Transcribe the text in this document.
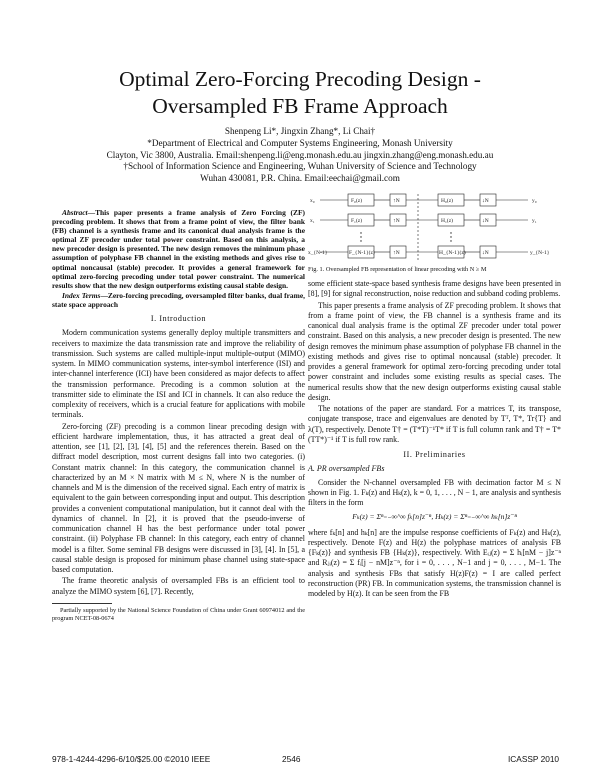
Optimal Zero-Forcing Precoding Design -
Oversampled FB Frame Approach
Shenpeng Li*, Jingxin Zhang*, Li Chai†
*Department of Electrical and Computer Systems Engineering, Monash University
Clayton, Vic 3800, Australia. Email:shenpeng.li@eng.monash.edu.au jingxin.zhang@eng.monash.edu.au
†School of Information Science and Engineering, Wuhan University of Science and Technology
Wuhan 430081, P.R. China. Email:eechai@gmail.com

Abstract—This paper presents a frame analysis of Zero Forcing (ZF) precoding problem. It shows that from a frame point of view, the filter bank (FB) channel is a synthesis frame and its canonical dual analysis frame is the optimal ZF precoder under total power constraint. Based on this analysis, a new precoder design is presented. The new design removes the minimum phase assumption of polyphase FB channel in the existing methods and gives rise to optimal noncausal (stable) precoder. It provides a general framework for optimal zero-forcing precoding under total power constraint. The numerical results show that the new design outperforms existing causal stable design.

Index Terms—Zero-forcing precoding, oversampled filter banks, dual frame, state space approach

I. Introduction

Modern communication systems generally deploy multiple transmitters and receivers to maximize the data transmission rate and improve the reliability of transmission. Such systems are called multiple-input multiple-output (MIMO) system. In MIMO communication systems, inter-symbol interference (ISI) and inter-channel interference (ICI) have been considered as major defects to affect the transmission performance. Precoding is a common solution at the transmitter side to eliminate the ISI and ICI in channels. It can also reduce the complexity of receivers, which is a crucial feature for applications with mobile terminals.

Zero-forcing (ZF) precoding is a common linear precoding design with efficient hardware implementation, thus, it has attracted a great deal of attention, see [1], [2], [3], [4], [5] and the references therein. Based on the diffract model description, most current designs fall into two categories. (i) Constant matrix channel: In this category, the communication channel is characterized by an M × N matrix with M ≤ N, where N is the number of channels and M is the dimension of the received signal. Each entry of matrix is equivalent to the gain between corresponding input and output. This description provides a convenient computational manipulation, but it cannot deal with the dynamics of channel. In [2], it is proved that the pseudo-inverse of communication channel H has the best performance under total power constraint. (ii) Polyphase FB channel: In this category, each entry of channel model is a filter. Some seminal FB designs were discussed in [3], [4]. In [5], a causal stable design is proposed for minimum phase channel using state-space based computation.

The frame theoretic analysis of oversampled FBs is an efficient tool to analyze the MIMO system [6], [7]. Recently,

Partially supported by the National Science Foundation of China under Grant 60974012 and the program NCET-08-0674

x₀
x₁
x_{N-1}
F₀(z)
F₁(z)
F_{N-1}(z)
↑N
↑N
↑N
H₀(z)
H₁(z)
H_{N-1}(z)
↓N
↓N
↓N
y₀
y₁
y_{N-1}

Fig. 1. Oversampled FB representation of linear precoding with N ≥ M

some efficient state-space based synthesis frame designs have been presented in [8], [9] for signal reconstruction, noise reduction and subband coding problems.

This paper presents a frame analysis of ZF precoding problem. It shows that from a frame point of view, the FB channel is a synthesis frame and its canonical dual analysis frame is the optimal ZF precoder under total power constraint. Based on this analysis, a new precoder design is presented. The new design removes the minimum phase assumption of polyphase FB channel in the existing methods and gives rise to optimal noncausal (stable) precoder. It provides a general framework for optimal zero-forcing precoding under total power constraint and includes some existing results as special cases. The numerical results show that the new design outperforms existing causal stable design.

The notations of the paper are standard. For a matrices T, its transpose, conjugate transpose, trace and eigenvalues are denoted by Tᵀ, T*, Tr{T} and λ(T), respectively. Denote T† = (T*T)⁻¹T* if T is full column rank and T† = T*(TT*)⁻¹ if T is full row rank.

II. Preliminaries
A. PR oversampled FBs

Consider the N-channel oversampled FB with decimation factor M ≤ N shown in Fig. 1. Fₖ(z) and Hₖ(z), k = 0, 1, . . . , N − 1, are analysis and synthesis filters in the form

Fₖ(z) = Σⁿ₌₋∞^∞ fₖ[n]z⁻ⁿ, Hₖ(z) = Σⁿ₌₋∞^∞ hₖ[n]z⁻ⁿ

where fₖ[n] and hₖ[n] are the impulse response coefficients of Fₖ(z) and Hₖ(z), respectively. Denote F(z) and H(z) the polyphase matrices of analysis FB {Fₖ(z)} and synthesis FB {Hₖ(z)}, respectively. With Eᵢⱼ(z) = Σ hᵢ[nM − j]z⁻ⁿ and Rⱼᵢ(z) = Σ fᵢ[j − nM]z⁻ⁿ, for i = 0, . . . , N−1 and j = 0, . . . , M−1. The analysis and synthesis FBs that satisfy H(z)F(z) = I are called perfect reconstruction (PR) FB. In communication systems, the transmission channel is modeled by H(z). It can be seen from the FB

978-1-4244-4296-6/10/$25.00 ©2010 IEEE	2546	ICASSP 2010
